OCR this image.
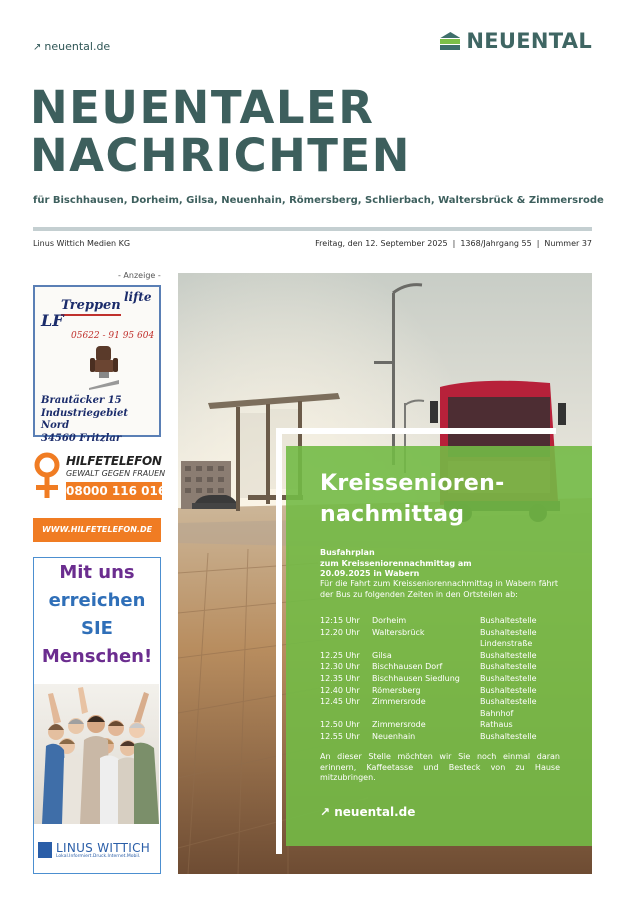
↗ neuental.de	NEUENTAL
NEUENTALER
NACHRICHTEN
für Bischhausen, Dorheim, Gilsa, Neuenhain, Römersberg, Schlierbach, Waltersbrück & Zimmersrode
Linus Wittich Medien KG	Freitag, den 12. September 2025 | 1368/Jahrgang 55 | Nummer 37
- Anzeige -
lifte
Treppen
LF
05622 - 91 95 604
Brautäcker 15
Industriegebiet Nord
34560 Fritzlar
HILFETELEFON
GEWALT GEGEN FRAUEN
08000 116 016
WWW.HILFETELEFON.DE
Mit uns
erreichen
SIE
Menschen!
LINUS WITTICH
Lokal.Informiert.Druck.Internet.Mobil.
Kreissenioren-
nachmittag
Busfahrplan
zum Kreisseniorennachmittag am
20.09.2025 in Wabern
Für die Fahrt zum Kreisseniorennachmittag in Wabern fährt der Bus zu folgenden Zeiten in den Ortsteilen ab:
12:15 Uhr	Dorheim	Bushaltestelle
12.20 Uhr	Waltersbrück	Bushaltestelle
Lindenstraße
12.25 Uhr	Gilsa	Bushaltestelle
12.30 Uhr	Bischhausen Dorf	Bushaltestelle
12.35 Uhr	Bischhausen Siedlung	Bushaltestelle
12.40 Uhr	Römersberg	Bushaltestelle
12.45 Uhr	Zimmersrode	Bushaltestelle
Bahnhof
12.50 Uhr	Zimmersrode	Rathaus
12.55 Uhr	Neuenhain	Bushaltestelle
An dieser Stelle möchten wir Sie noch einmal daran erinnern, Kaffeetasse und Besteck von zu Hause mitzubringen.
↗ neuental.de
